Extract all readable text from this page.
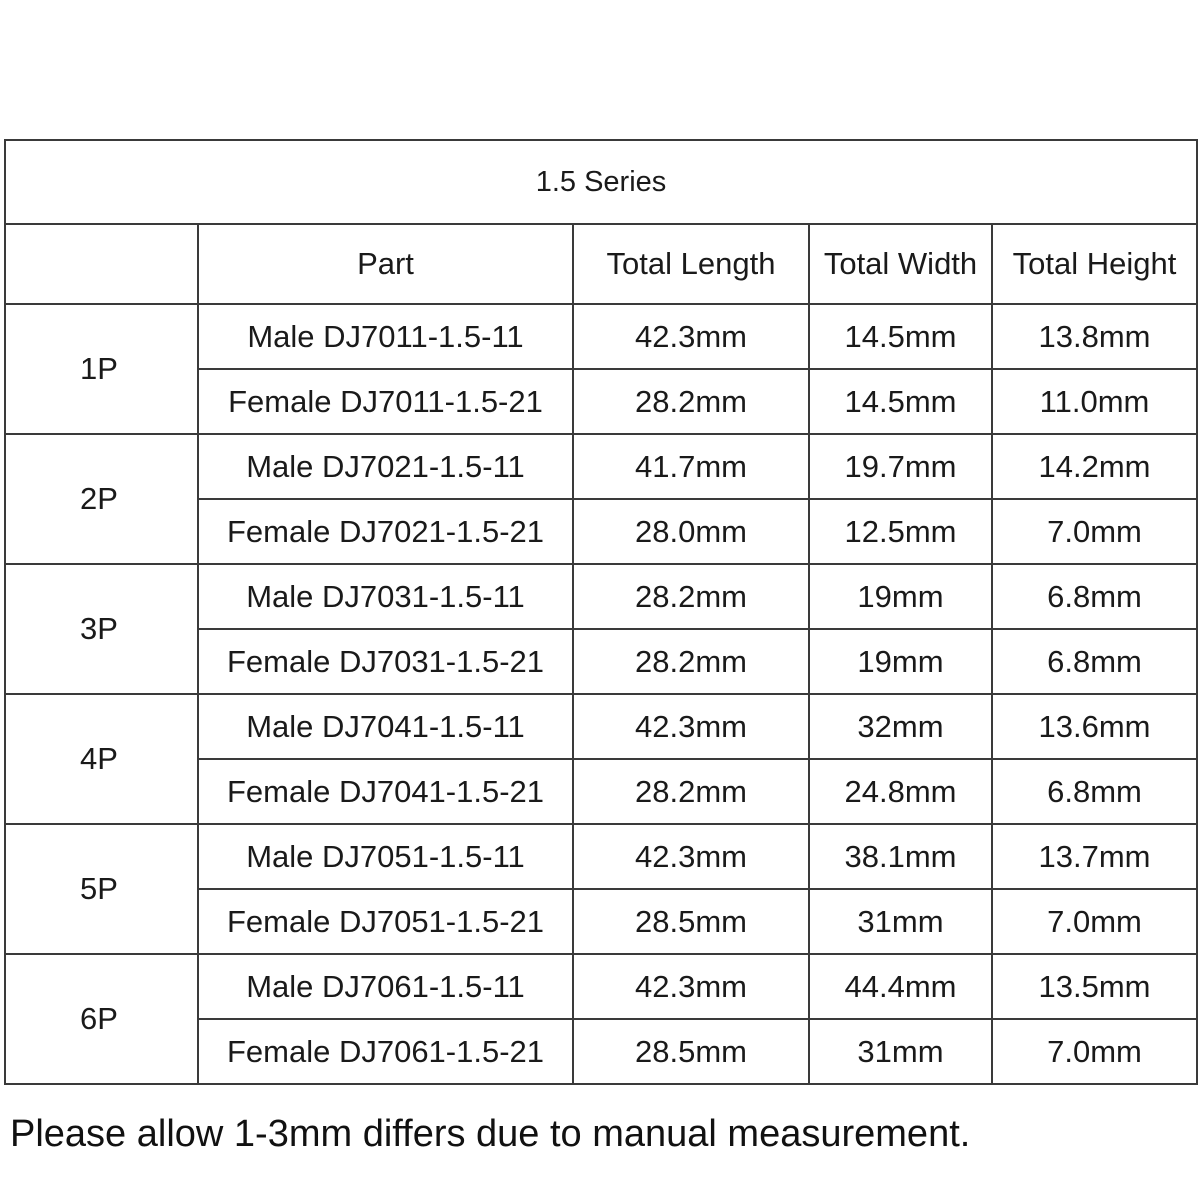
1.5 Series				
	Part	Total Length	Total Width	Total Height
1P	Male DJ7011-1.5-11	42.3mm	14.5mm	13.8mm
	Female DJ7011-1.5-21	28.2mm	14.5mm	11.0mm
2P	Male DJ7021-1.5-11	41.7mm	19.7mm	14.2mm
	Female DJ7021-1.5-21	28.0mm	12.5mm	7.0mm
3P	Male DJ7031-1.5-11	28.2mm	19mm	6.8mm
	Female DJ7031-1.5-21	28.2mm	19mm	6.8mm
4P	Male DJ7041-1.5-11	42.3mm	32mm	13.6mm
	Female DJ7041-1.5-21	28.2mm	24.8mm	6.8mm
5P	Male DJ7051-1.5-11	42.3mm	38.1mm	13.7mm
	Female DJ7051-1.5-21	28.5mm	31mm	7.0mm
6P	Male DJ7061-1.5-11	42.3mm	44.4mm	13.5mm
	Female DJ7061-1.5-21	28.5mm	31mm	7.0mm
Please allow 1-3mm differs due to manual measurement.
